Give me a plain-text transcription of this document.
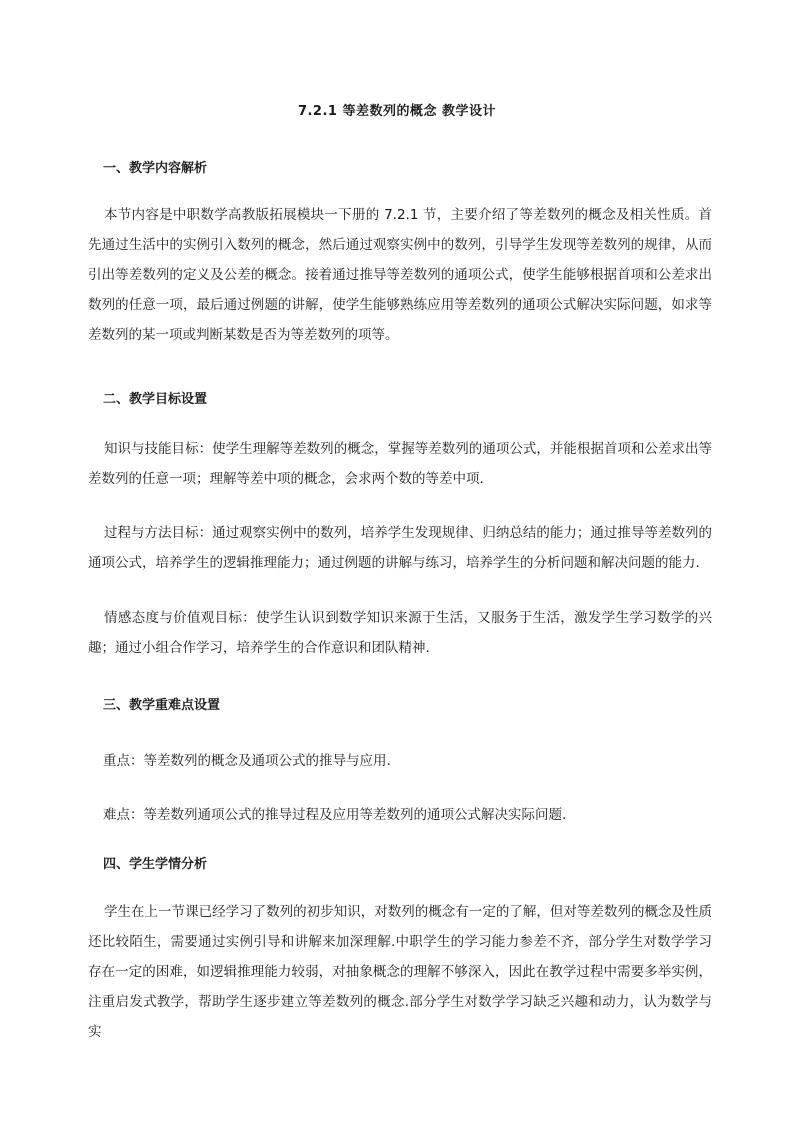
7.2.1 等差数列的概念 教学设计
一、教学内容解析

本节内容是中职数学高教版拓展模块一下册的 7.2.1 节，主要介绍了等差数列的概念及相关性质。首先通过生活中的实例引入数列的概念，然后通过观察实例中的数列，引导学生发现等差数列的规律，从而引出等差数列的定义及公差的概念。接着通过推导等差数列的通项公式，使学生能够根据首项和公差求出数列的任意一项，最后通过例题的讲解，使学生能够熟练应用等差数列的通项公式解决实际问题，如求等差数列的某一项或判断某数是否为等差数列的项等。

二、教学目标设置

知识与技能目标：使学生理解等差数列的概念，掌握等差数列的通项公式，并能根据首项和公差求出等差数列的任意一项；理解等差中项的概念，会求两个数的等差中项.

过程与方法目标：通过观察实例中的数列，培养学生发现规律、归纳总结的能力；通过推导等差数列的通项公式，培养学生的逻辑推理能力；通过例题的讲解与练习，培养学生的分析问题和解决问题的能力.

情感态度与价值观目标：使学生认识到数学知识来源于生活，又服务于生活，激发学生学习数学的兴趣；通过小组合作学习，培养学生的合作意识和团队精神.

三、教学重难点设置

重点：等差数列的概念及通项公式的推导与应用.

难点：等差数列通项公式的推导过程及应用等差数列的通项公式解决实际问题.

四、学生学情分析

学生在上一节课已经学习了数列的初步知识，对数列的概念有一定的了解，但对等差数列的概念及性质还比较陌生，需要通过实例引导和讲解来加深理解.中职学生的学习能力参差不齐，部分学生对数学学习存在一定的困难，如逻辑推理能力较弱，对抽象概念的理解不够深入，因此在教学过程中需要多举实例，注重启发式教学，帮助学生逐步建立等差数列的概念.部分学生对数学学习缺乏兴趣和动力，认为数学与实
